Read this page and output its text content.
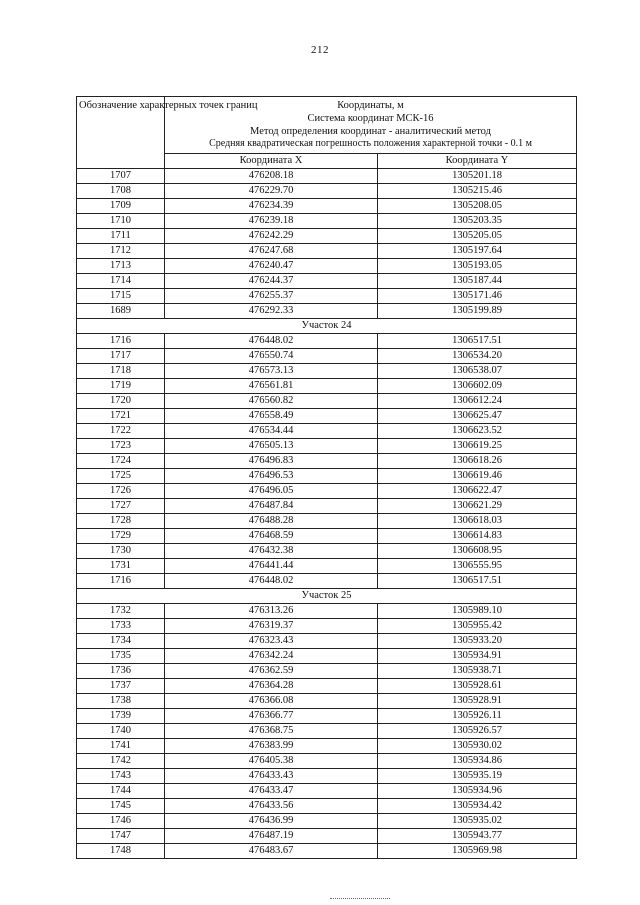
212
Обозначение характерных точек границ	Координаты, м
Система координат МСК-16
Метод определения координат - аналитический метод
Средняя квадратическая погрешность положения характерной точки - 0.1 м	

	Координата X	Координата Y
1707	476208.18	1305201.18
1708	476229.70	1305215.46
1709	476234.39	1305208.05
1710	476239.18	1305203.35
1711	476242.29	1305205.05
1712	476247.68	1305197.64
1713	476240.47	1305193.05
1714	476244.37	1305187.44
1715	476255.37	1305171.46
1689	476292.33	1305199.89
Участок 24		
1716	476448.02	1306517.51
1717	476550.74	1306534.20
1718	476573.13	1306538.07
1719	476561.81	1306602.09
1720	476560.82	1306612.24
1721	476558.49	1306625.47
1722	476534.44	1306623.52
1723	476505.13	1306619.25
1724	476496.83	1306618.26
1725	476496.53	1306619.46
1726	476496.05	1306622.47
1727	476487.84	1306621.29
1728	476488.28	1306618.03
1729	476468.59	1306614.83
1730	476432.38	1306608.95
1731	476441.44	1306555.95
1716	476448.02	1306517.51
Участок 25		
1732	476313.26	1305989.10
1733	476319.37	1305955.42
1734	476323.43	1305933.20
1735	476342.24	1305934.91
1736	476362.59	1305938.71
1737	476364.28	1305928.61
1738	476366.08	1305928.91
1739	476366.77	1305926.11
1740	476368.75	1305926.57
1741	476383.99	1305930.02
1742	476405.38	1305934.86
1743	476433.43	1305935.19
1744	476433.47	1305934.96
1745	476433.56	1305934.42
1746	476436.99	1305935.02
1747	476487.19	1305943.77
1748	476483.67	1305969.98
